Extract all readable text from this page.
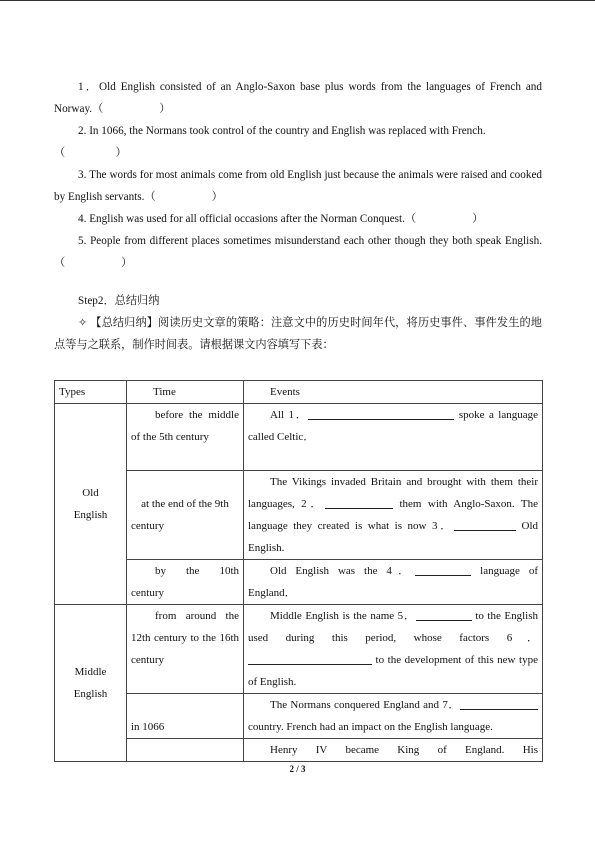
1．Old English consisted of an Anglo-Saxon base plus words from the languages of French and Norway.（                    ）

2. In 1066, the Normans took control of the country and English was replaced with French.
（                  ）

3. The words for most animals come from old English just because the animals were raised and cooked by English servants.（                    ）

4. English was used for all official occasions after the Norman Conquest.（                    ）

5. People from different places sometimes misunderstand each other though they both speak English.（                    ）

Step2．总结归纳

✧ 【总结归纳】阅读历史文章的策略：注意文中的历史时间年代，将历史事件、事件发生的地点等与之联系，制作时间表。请根据课文内容填写下表：

Types	Time	Events
Old English	before the middle of the 5th century	All 1． spoke a language called Celtic．
	at the end of the 9th century	The Vikings invaded Britain and brought with them their languages, 2． them with Anglo-Saxon. The language they created is what is now 3． Old English.
	by the 10th century	Old English was the 4． language of England．
Middle English	from around the 12th century to the 16th century	Middle English is the name 5． to the English used during this period, whose factors 6． to the development of this new type of English.
	in 1066	The Normans conquered England and 7． country. French had an impact on the English language.
		Henry IV became King of England. His
2 / 3
